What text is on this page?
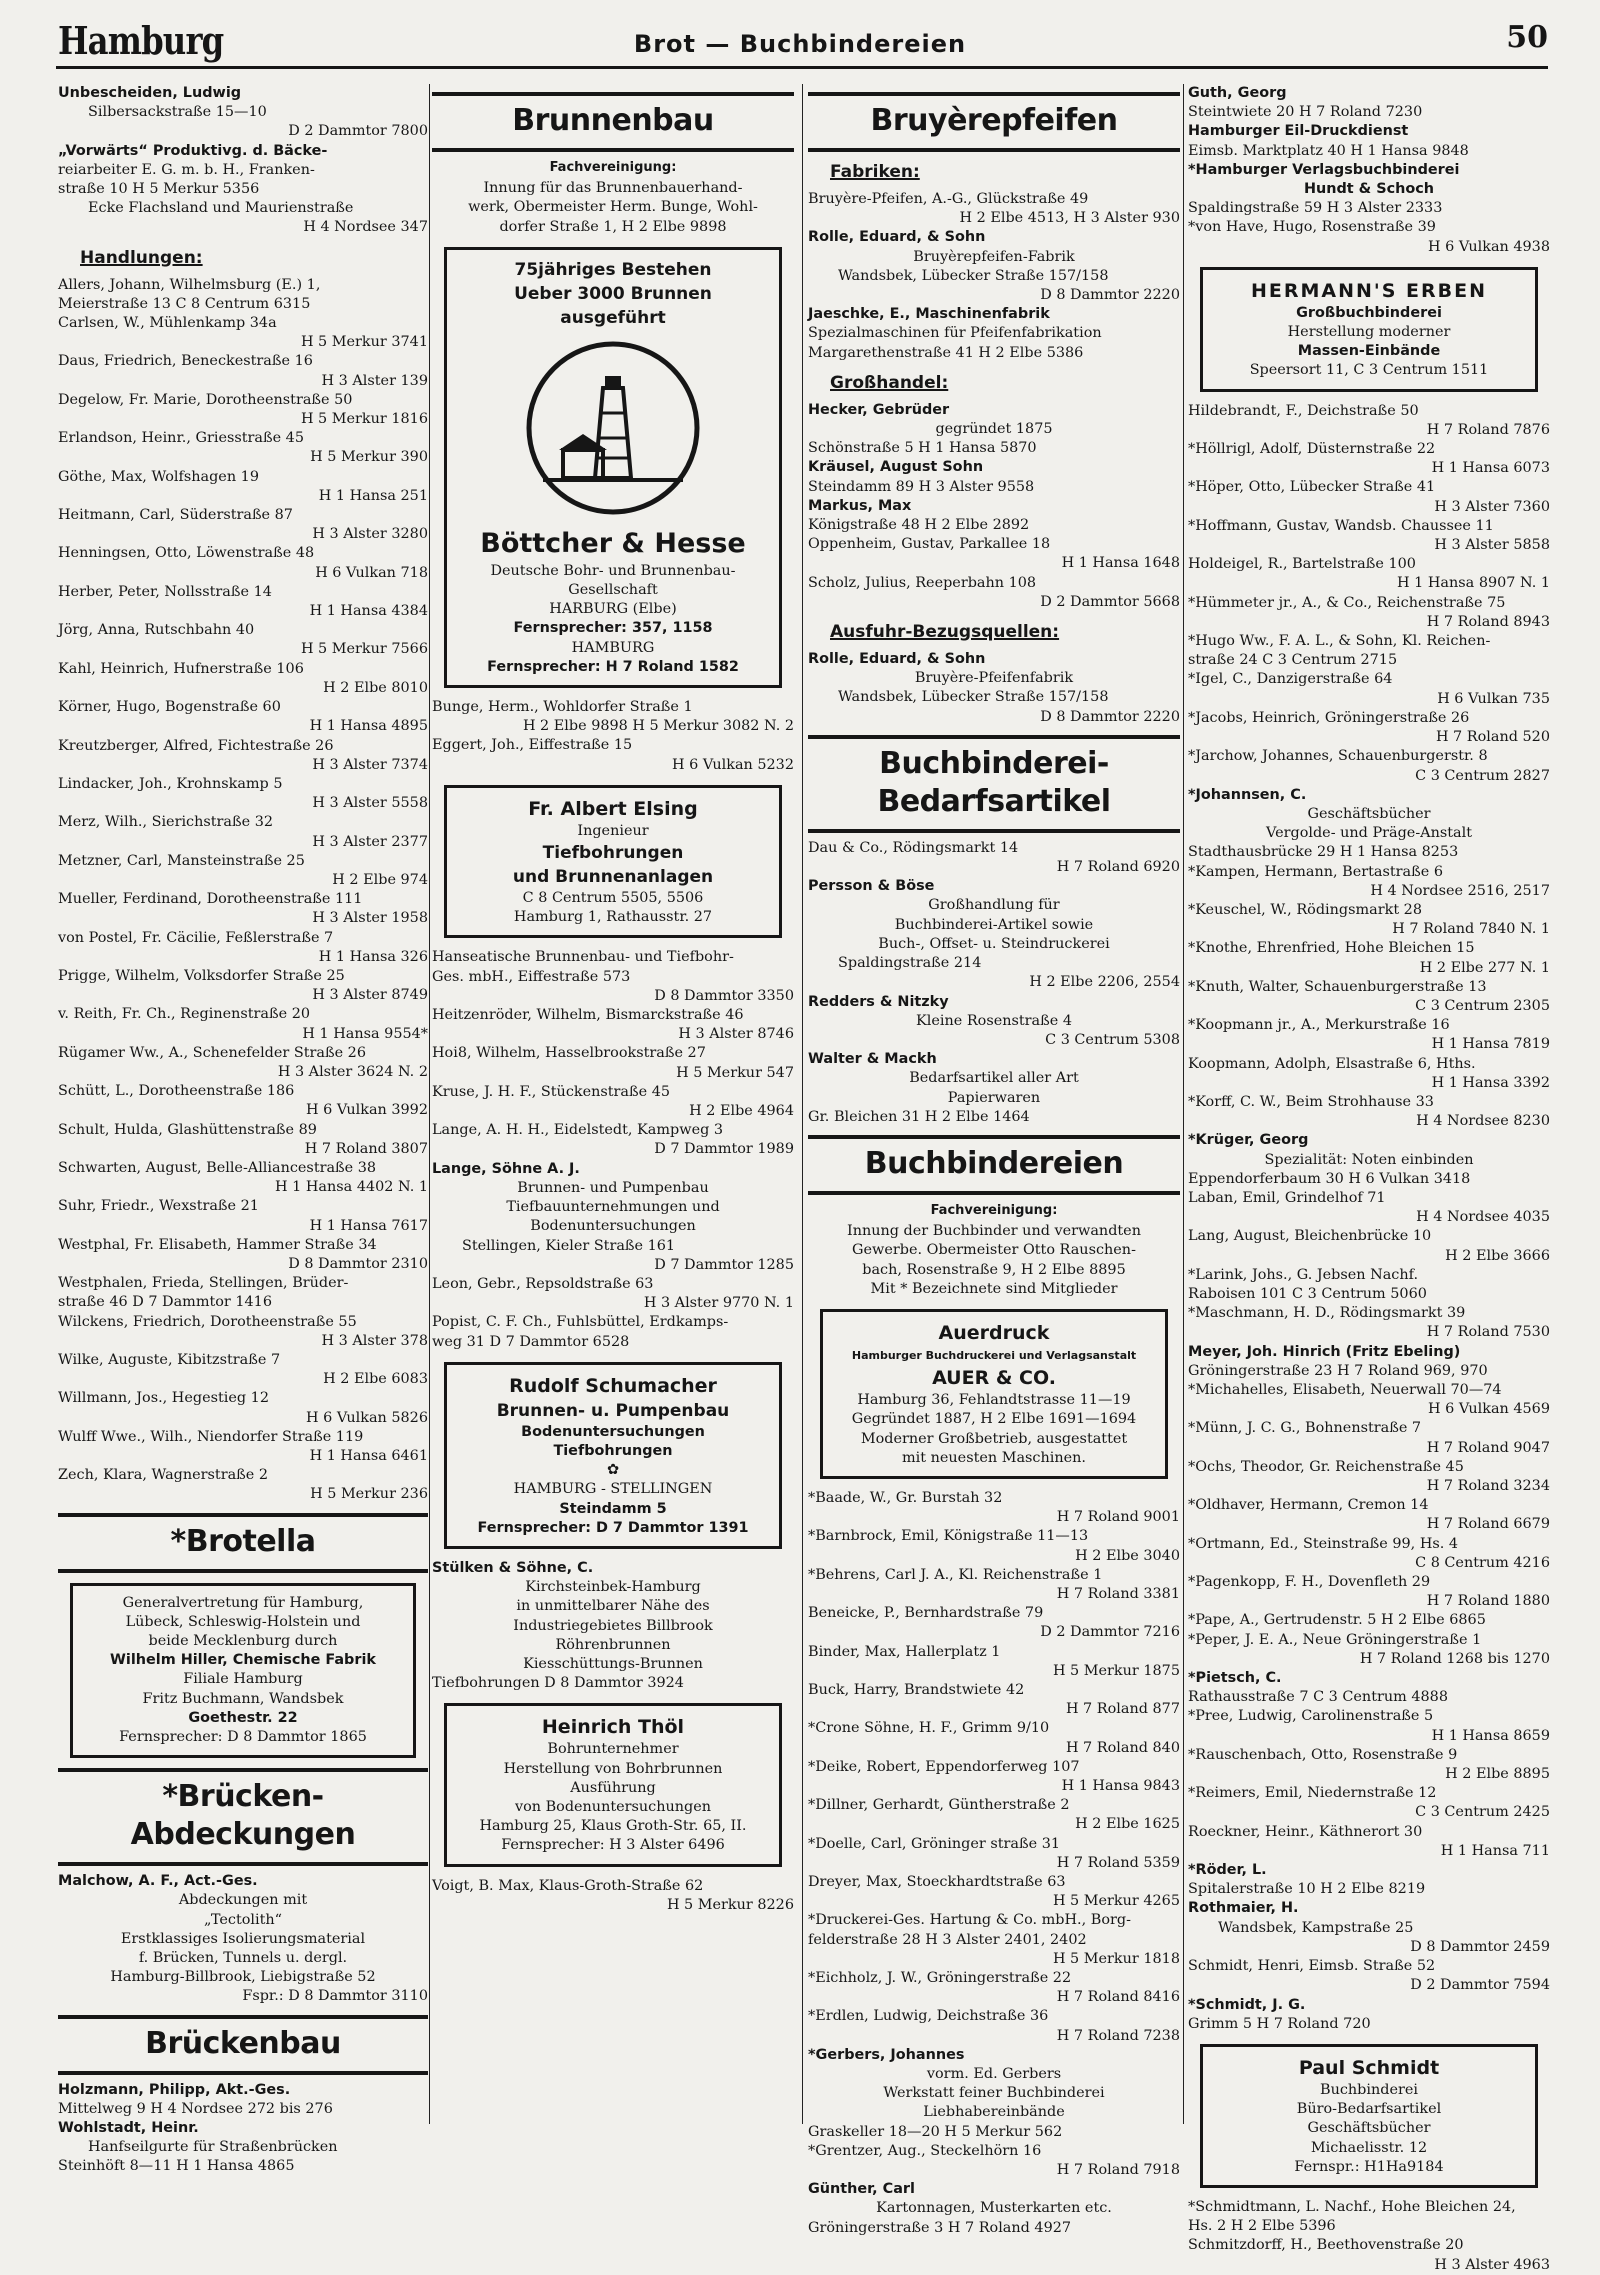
Hamburg	Brot — Buchbindereien	50
Unbescheiden, Ludwig
Silbersackstraße 15—10
D 2 Dammtor 7800
„Vorwärts“ Produktivg. d. Bäcke-
reiarbeiter E. G. m. b. H., Franken-
straße 10 H 5 Merkur 5356
Ecke Flachsland und Maurienstraße
H 4 Nordsee 347
Handlungen:
Allers, Johann, Wilhelmsburg (E.) 1,
Meierstraße 13 C 8 Centrum 6315
Carlsen, W., Mühlenkamp 34a
H 5 Merkur 3741
Daus, Friedrich, Beneckestraße 16
H 3 Alster 139
Degelow, Fr. Marie, Dorotheenstraße 50
H 5 Merkur 1816
Erlandson, Heinr., Griesstraße 45
H 5 Merkur 390
Göthe, Max, Wolfshagen 19
H 1 Hansa 251
Heitmann, Carl, Süderstraße 87
H 3 Alster 3280
Henningsen, Otto, Löwenstraße 48
H 6 Vulkan 718
Herber, Peter, Nollsstraße 14
H 1 Hansa 4384
Jörg, Anna, Rutschbahn 40
H 5 Merkur 7566
Kahl, Heinrich, Hufnerstraße 106
H 2 Elbe 8010
Körner, Hugo, Bogenstraße 60
H 1 Hansa 4895
Kreutzberger, Alfred, Fichtestraße 26
H 3 Alster 7374
Lindacker, Joh., Krohnskamp 5
H 3 Alster 5558
Merz, Wilh., Sierichstraße 32
H 3 Alster 2377
Metzner, Carl, Mansteinstraße 25
H 2 Elbe 974
Mueller, Ferdinand, Dorotheenstraße 111
H 3 Alster 1958
von Postel, Fr. Cäcilie, Feßlerstraße 7
H 1 Hansa 326
Prigge, Wilhelm, Volksdorfer Straße 25
H 3 Alster 8749
v. Reith, Fr. Ch., Reginenstraße 20
H 1 Hansa 9554*
Rügamer Ww., A., Schenefelder Straße 26
H 3 Alster 3624 N. 2
Schütt, L., Dorotheenstraße 186
H 6 Vulkan 3992
Schult, Hulda, Glashüttenstraße 89
H 7 Roland 3807
Schwarten, August, Belle-Alliancestraße 38
H 1 Hansa 4402 N. 1
Suhr, Friedr., Wexstraße 21
H 1 Hansa 7617
Westphal, Fr. Elisabeth, Hammer Straße 34
D 8 Dammtor 2310
Westphalen, Frieda, Stellingen, Brüder-
straße 46 D 7 Dammtor 1416
Wilckens, Friedrich, Dorotheenstraße 55
H 3 Alster 378
Wilke, Auguste, Kibitzstraße 7
H 2 Elbe 6083
Willmann, Jos., Hegestieg 12
H 6 Vulkan 5826
Wulff Wwe., Wilh., Niendorfer Straße 119
H 1 Hansa 6461
Zech, Klara, Wagnerstraße 2
H 5 Merkur 236
*Brotella
Generalvertretung für Hamburg,
Lübeck, Schleswig-Holstein und
beide Mecklenburg durch
Wilhelm Hiller, Chemische Fabrik
Filiale Hamburg
Fritz Buchmann, Wandsbek
Goethestr. 22
Fernsprecher: D 8 Dammtor 1865
*Brücken-
Abdeckungen
Malchow, A. F., Act.-Ges.
Abdeckungen mit
„Tectolith“
Erstklassiges Isolierungsmaterial
f. Brücken, Tunnels u. dergl.
Hamburg-Billbrook, Liebigstraße 52
Fspr.: D 8 Dammtor 3110
Brückenbau
Holzmann, Philipp, Akt.-Ges.
Mittelweg 9 H 4 Nordsee 272 bis 276
Wohlstadt, Heinr.
Hanfseilgurte für Straßenbrücken
Steinhöft 8—11 H 1 Hansa 4865
Brunnenbau
Fachvereinigung:
Innung für das Brunnenbauerhand-
werk, Obermeister Herm. Bunge, Wohl-
dorfer Straße 1, H 2 Elbe 9898
75jähriges Bestehen
Ueber 3000 Brunnen
ausgeführt
Böttcher & Hesse
Deutsche Bohr- und Brunnenbau-
Gesellschaft
HARBURG (Elbe)
Fernsprecher: 357, 1158
HAMBURG
Fernsprecher: H 7 Roland 1582
Bunge, Herm., Wohldorfer Straße 1
H 2 Elbe 9898 H 5 Merkur 3082 N. 2
Eggert, Joh., Eiffestraße 15
H 6 Vulkan 5232
Fr. Albert Elsing
Ingenieur
Tiefbohrungen
und Brunnenanlagen
C 8 Centrum 5505, 5506
Hamburg 1, Rathausstr. 27
Hanseatische Brunnenbau- und Tiefbohr-
Ges. mbH., Eiffestraße 573
D 8 Dammtor 3350
Heitzenröder, Wilhelm, Bismarckstraße 46
H 3 Alster 8746
Hoi8, Wilhelm, Hasselbrookstraße 27
H 5 Merkur 547
Kruse, J. H. F., Stückenstraße 45
H 2 Elbe 4964
Lange, A. H. H., Eidelstedt, Kampweg 3
D 7 Dammtor 1989
Lange, Söhne A. J.
Brunnen- und Pumpenbau
Tiefbauunternehmungen und
Bodenuntersuchungen
Stellingen, Kieler Straße 161
D 7 Dammtor 1285
Leon, Gebr., Repsoldstraße 63
H 3 Alster 9770 N. 1
Popist, C. F. Ch., Fuhlsbüttel, Erdkamps-
weg 31 D 7 Dammtor 6528
Rudolf Schumacher
Brunnen- u. Pumpenbau
Bodenuntersuchungen
Tiefbohrungen
✿
HAMBURG - STELLINGEN
Steindamm 5
Fernsprecher: D 7 Dammtor 1391
Stülken & Söhne, C.
Kirchsteinbek-Hamburg
in unmittelbarer Nähe des
Industriegebietes Billbrook
Röhrenbrunnen
Kiesschüttungs-Brunnen
Tiefbohrungen D 8 Dammtor 3924
Heinrich Thöl
Bohrunternehmer
Herstellung von Bohrbrunnen
Ausführung
von Bodenuntersuchungen
Hamburg 25, Klaus Groth-Str. 65, II.
Fernsprecher: H 3 Alster 6496
Voigt, B. Max, Klaus-Groth-Straße 62
H 5 Merkur 8226
Bruyèrepfeifen
Fabriken:
Bruyère-Pfeifen, A.-G., Glückstraße 49
H 2 Elbe 4513, H 3 Alster 930
Rolle, Eduard, & Sohn
Bruyèrepfeifen-Fabrik
Wandsbek, Lübecker Straße 157/158
D 8 Dammtor 2220
Jaeschke, E., Maschinenfabrik
Spezialmaschinen für Pfeifenfabrikation
Margarethenstraße 41 H 2 Elbe 5386
Großhandel:
Hecker, Gebrüder
gegründet 1875
Schönstraße 5 H 1 Hansa 5870
Kräusel, August Sohn
Steindamm 89 H 3 Alster 9558
Markus, Max
Königstraße 48 H 2 Elbe 2892
Oppenheim, Gustav, Parkallee 18
H 1 Hansa 1648
Scholz, Julius, Reeperbahn 108
D 2 Dammtor 5668
Ausfuhr-Bezugsquellen:
Rolle, Eduard, & Sohn
Bruyère-Pfeifenfabrik
Wandsbek, Lübecker Straße 157/158
D 8 Dammtor 2220
Buchbinderei-
Bedarfsartikel
Dau & Co., Rödingsmarkt 14
H 7 Roland 6920
Persson & Böse
Großhandlung für
Buchbinderei-Artikel sowie
Buch-, Offset- u. Steindruckerei
Spaldingstraße 214
H 2 Elbe 2206, 2554
Redders & Nitzky
Kleine Rosenstraße 4
C 3 Centrum 5308
Walter & Mackh
Bedarfsartikel aller Art
Papierwaren
Gr. Bleichen 31 H 2 Elbe 1464
Buchbindereien
Fachvereinigung:
Innung der Buchbinder und verwandten
Gewerbe. Obermeister Otto Rauschen-
bach, Rosenstraße 9, H 2 Elbe 8895
Mit * Bezeichnete sind Mitglieder
Auerdruck
Hamburger Buchdruckerei und Verlagsanstalt
AUER & CO.
Hamburg 36, Fehlandtstrasse 11—19
Gegründet 1887, H 2 Elbe 1691—1694
Moderner Großbetrieb, ausgestattet
mit neuesten Maschinen.
*Baade, W., Gr. Burstah 32
H 7 Roland 9001
*Barnbrock, Emil, Königstraße 11—13
H 2 Elbe 3040
*Behrens, Carl J. A., Kl. Reichenstraße 1
H 7 Roland 3381
Beneicke, P., Bernhardstraße 79
D 2 Dammtor 7216
Binder, Max, Hallerplatz 1
H 5 Merkur 1875
Buck, Harry, Brandstwiete 42
H 7 Roland 877
*Crone Söhne, H. F., Grimm 9/10
H 7 Roland 840
*Deike, Robert, Eppendorferweg 107
H 1 Hansa 9843
*Dillner, Gerhardt, Güntherstraße 2
H 2 Elbe 1625
*Doelle, Carl, Gröninger straße 31
H 7 Roland 5359
Dreyer, Max, Stoeckhardtstraße 63
H 5 Merkur 4265
*Druckerei-Ges. Hartung & Co. mbH., Borg-
felderstraße 28 H 3 Alster 2401, 2402
H 5 Merkur 1818
*Eichholz, J. W., Gröningerstraße 22
H 7 Roland 8416
*Erdlen, Ludwig, Deichstraße 36
H 7 Roland 7238
*Gerbers, Johannes
vorm. Ed. Gerbers
Werkstatt feiner Buchbinderei
Liebhabereinbände
Graskeller 18—20 H 5 Merkur 562
*Grentzer, Aug., Steckelhörn 16
H 7 Roland 7918
Günther, Carl
Kartonnagen, Musterkarten etc.
Gröningerstraße 3 H 7 Roland 4927
Guth, Georg
Steintwiete 20 H 7 Roland 7230
Hamburger Eil-Druckdienst
Eimsb. Marktplatz 40 H 1 Hansa 9848
*Hamburger Verlagsbuchbinderei
Hundt & Schoch
Spaldingstraße 59 H 3 Alster 2333
*von Have, Hugo, Rosenstraße 39
H 6 Vulkan 4938
HERMANN'S ERBEN
Großbuchbinderei
Herstellung moderner
Massen-Einbände
Speersort 11, C 3 Centrum 1511
Hildebrandt, F., Deichstraße 50
H 7 Roland 7876
*Höllrigl, Adolf, Düsternstraße 22
H 1 Hansa 6073
*Höper, Otto, Lübecker Straße 41
H 3 Alster 7360
*Hoffmann, Gustav, Wandsb. Chaussee 11
H 3 Alster 5858
Holdeigel, R., Bartelstraße 100
H 1 Hansa 8907 N. 1
*Hümmeter jr., A., & Co., Reichenstraße 75
H 7 Roland 8943
*Hugo Ww., F. A. L., & Sohn, Kl. Reichen-
straße 24 C 3 Centrum 2715
*Igel, C., Danzigerstraße 64
H 6 Vulkan 735
*Jacobs, Heinrich, Gröningerstraße 26
H 7 Roland 520
*Jarchow, Johannes, Schauenburgerstr. 8
C 3 Centrum 2827
*Johannsen, C.
Geschäftsbücher
Vergolde- und Präge-Anstalt
Stadthausbrücke 29 H 1 Hansa 8253
*Kampen, Hermann, Bertastraße 6
H 4 Nordsee 2516, 2517
*Keuschel, W., Rödingsmarkt 28
H 7 Roland 7840 N. 1
*Knothe, Ehrenfried, Hohe Bleichen 15
H 2 Elbe 277 N. 1
*Knuth, Walter, Schauenburgerstraße 13
C 3 Centrum 2305
*Koopmann jr., A., Merkurstraße 16
H 1 Hansa 7819
Koopmann, Adolph, Elsastraße 6, Hths.
H 1 Hansa 3392
*Korff, C. W., Beim Strohhause 33
H 4 Nordsee 8230
*Krüger, Georg
Spezialität: Noten einbinden
Eppendorferbaum 30 H 6 Vulkan 3418
Laban, Emil, Grindelhof 71
H 4 Nordsee 4035
Lang, August, Bleichenbrücke 10
H 2 Elbe 3666
*Larink, Johs., G. Jebsen Nachf.
Raboisen 101 C 3 Centrum 5060
*Maschmann, H. D., Rödingsmarkt 39
H 7 Roland 7530
Meyer, Joh. Hinrich (Fritz Ebeling)
Gröningerstraße 23 H 7 Roland 969, 970
*Michahelles, Elisabeth, Neuerwall 70—74
H 6 Vulkan 4569
*Münn, J. C. G., Bohnenstraße 7
H 7 Roland 9047
*Ochs, Theodor, Gr. Reichenstraße 45
H 7 Roland 3234
*Oldhaver, Hermann, Cremon 14
H 7 Roland 6679
*Ortmann, Ed., Steinstraße 99, Hs. 4
C 8 Centrum 4216
*Pagenkopp, F. H., Dovenfleth 29
H 7 Roland 1880
*Pape, A., Gertrudenstr. 5 H 2 Elbe 6865
*Peper, J. E. A., Neue Gröningerstraße 1
H 7 Roland 1268 bis 1270
*Pietsch, C.
Rathausstraße 7 C 3 Centrum 4888
*Pree, Ludwig, Carolinenstraße 5
H 1 Hansa 8659
*Rauschenbach, Otto, Rosenstraße 9
H 2 Elbe 8895
*Reimers, Emil, Niedernstraße 12
C 3 Centrum 2425
Roeckner, Heinr., Käthnerort 30
H 1 Hansa 711
*Röder, L.
Spitalerstraße 10 H 2 Elbe 8219
Rothmaier, H.
Wandsbek, Kampstraße 25
D 8 Dammtor 2459
Schmidt, Henri, Eimsb. Straße 52
D 2 Dammtor 7594
*Schmidt, J. G.
Grimm 5 H 7 Roland 720
Paul Schmidt
Buchbinderei
Büro-Bedarfsartikel
Geschäftsbücher
Michaelisstr. 12
Fernspr.: H1Ha9184
*Schmidtmann, L. Nachf., Hohe Bleichen 24,
Hs. 2 H 2 Elbe 5396
Schmitzdorff, H., Beethovenstraße 20
H 3 Alster 4963
